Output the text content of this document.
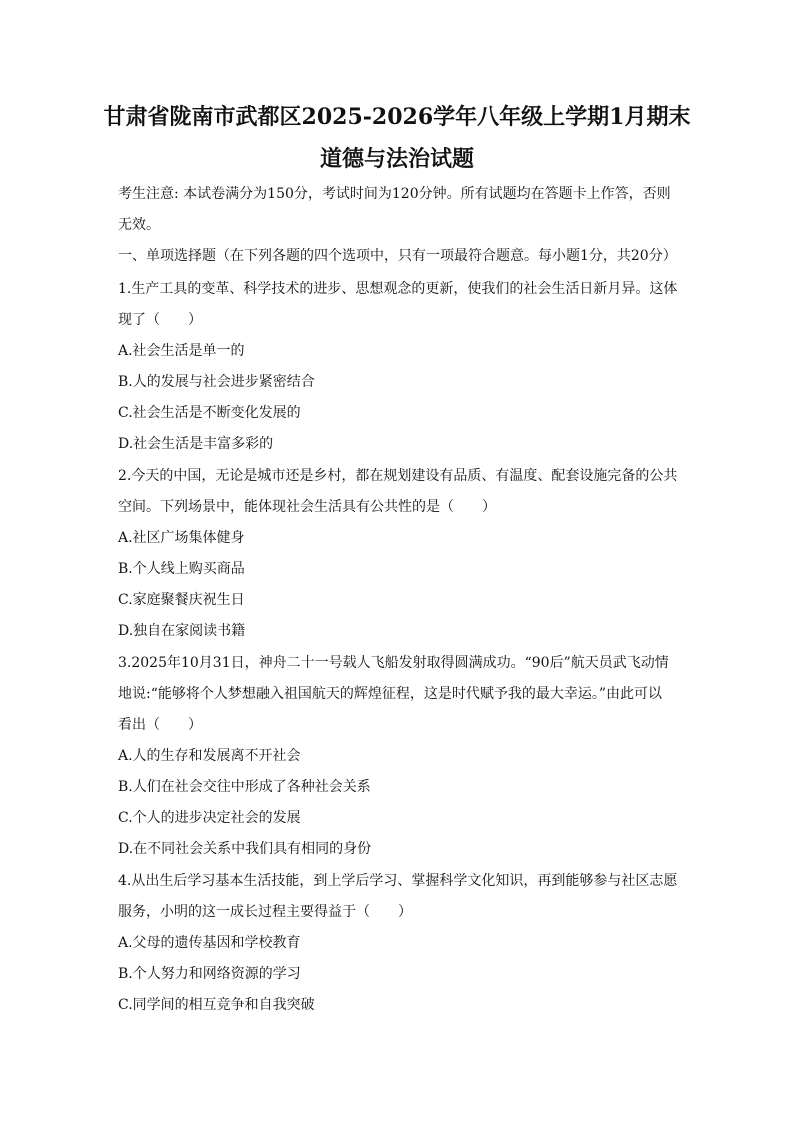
甘肃省陇南市武都区2025-2026学年八年级上学期1月期末
道德与法治试题
考生注意: 本试卷满分为150分，考试时间为120分钟。所有试题均在答题卡上作答，否则
无效。
一、单项选择题（在下列各题的四个选项中，只有一项最符合题意。每小题1分，共20分）
1.生产工具的变革、科学技术的进步、思想观念的更新，使我们的社会生活日新月异。这体
现了（　　）
A.社会生活是单一的
B.人的发展与社会进步紧密结合
C.社会生活是不断变化发展的
D.社会生活是丰富多彩的
2.今天的中国，无论是城市还是乡村，都在规划建设有品质、有温度、配套设施完备的公共
空间。下列场景中，能体现社会生活具有公共性的是（　　）
A.社区广场集体健身
B.个人线上购买商品
C.家庭聚餐庆祝生日
D.独自在家阅读书籍
3.2025年10月31日，神舟二十一号载人飞船发射取得圆满成功。“90后”航天员武飞动情
地说:“能够将个人梦想融入祖国航天的辉煌征程，这是时代赋予我的最大幸运。”由此可以
看出（　　）
A.人的生存和发展离不开社会
B.人们在社会交往中形成了各种社会关系
C.个人的进步决定社会的发展
D.在不同社会关系中我们具有相同的身份
4.从出生后学习基本生活技能，到上学后学习、掌握科学文化知识，再到能够参与社区志愿
服务，小明的这一成长过程主要得益于（　　）
A.父母的遗传基因和学校教育
B.个人努力和网络资源的学习
C.同学间的相互竞争和自我突破
